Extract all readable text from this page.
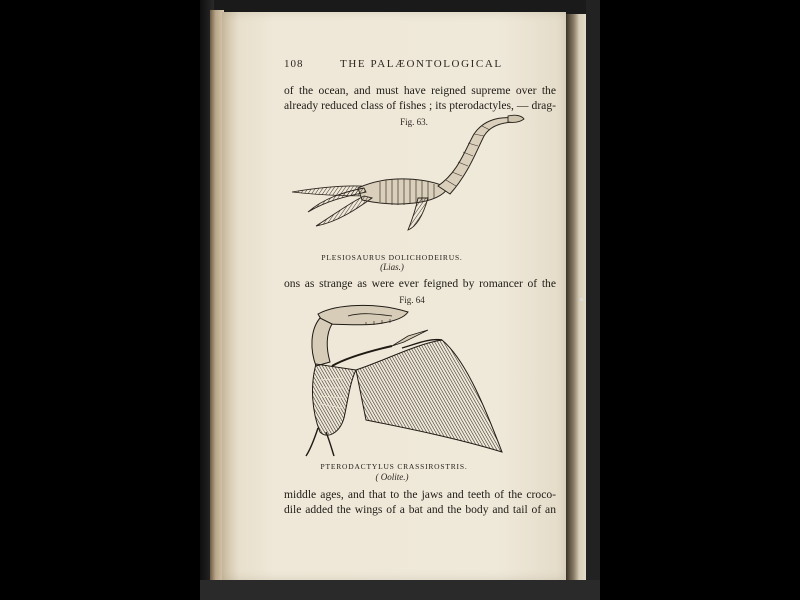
108	THE PALÆONTOLOGICAL
of the ocean, and must have reigned supreme over the
already reduced class of fishes ; its pterodactyles, — drag-
Fig. 63.
PLESIOSAURUS DOLICHODEIRUS.
(Lias.)
ons as strange as were ever feigned by romancer of the
Fig. 64
PTERODACTYLUS CRASSIROSTRIS.
( Oolite.)
middle ages, and that to the jaws and teeth of the croco-
dile added the wings of a bat and the body and tail of an
